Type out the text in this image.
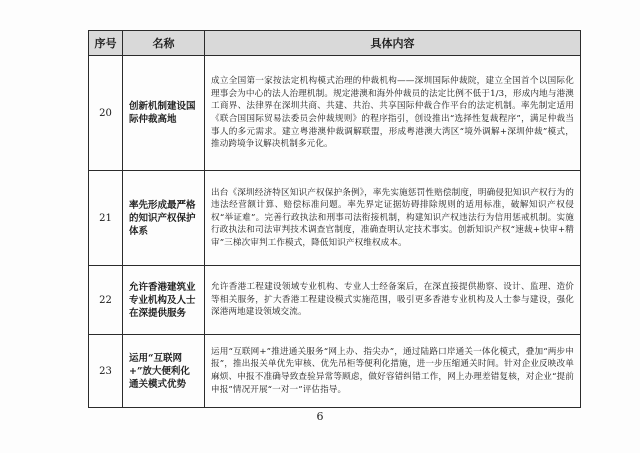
序号	名称	具体内容
20	创新机制建设国际仲裁高地	成立全国第一家按法定机构模式治理的仲裁机构——深圳国际仲裁院，建立全国首个以国际化理事会为中心的法人治理机制。规定港澳和海外仲裁员的法定比例不低于1/3，形成内地与港澳工商界、法律界在深圳共商、共建、共治、共享国际仲裁合作平台的法定机制。率先制定适用《联合国国际贸易法委员会仲裁规则》的程序指引，创设推出“选择性复裁程序”，满足仲裁当事人的多元需求。建立粤港澳仲裁调解联盟，形成粤港澳大湾区“境外调解+深圳仲裁”模式，推动跨境争议解决机制多元化。
21	率先形成最严格的知识产权保护体系	出台《深圳经济特区知识产权保护条例》，率先实施惩罚性赔偿制度，明确侵犯知识产权行为的违法经营额计算、赔偿标准问题。率先界定证据妨碍排除规则的适用标准，破解知识产权侵权“举证难”。完善行政执法和刑事司法衔接机制，构建知识产权违法行为信用惩戒机制。实施行政执法和司法审判技术调查官制度，准确查明认定技术事实。创新知识产权“速裁+快审+精审”三梯次审判工作模式，降低知识产权维权成本。
22	允许香港建筑业专业机构及人士在深提供服务	允许香港工程建设领域专业机构、专业人士经备案后，在深直接提供勘察、设计、监理、造价等相关服务，扩大香港工程建设模式实施范围，吸引更多香港专业机构及人士参与建设，强化深港两地建设领域交流。
23	运用“互联网+”放大便利化通关模式优势	运用“互联网+”推进通关服务“网上办、指尖办”，通过陆路口岸通关一体化模式，叠加“两步申报”，推出报关单优先审核、优先吊柜等便利化措施，进一步压缩通关时间。针对企业反映改单麻烦、申报不准确导致查验异常等顾虑，做好容错纠错工作，网上办理差错复核，对企业“提前申报”情况开展“一对一”评估指导。
6
